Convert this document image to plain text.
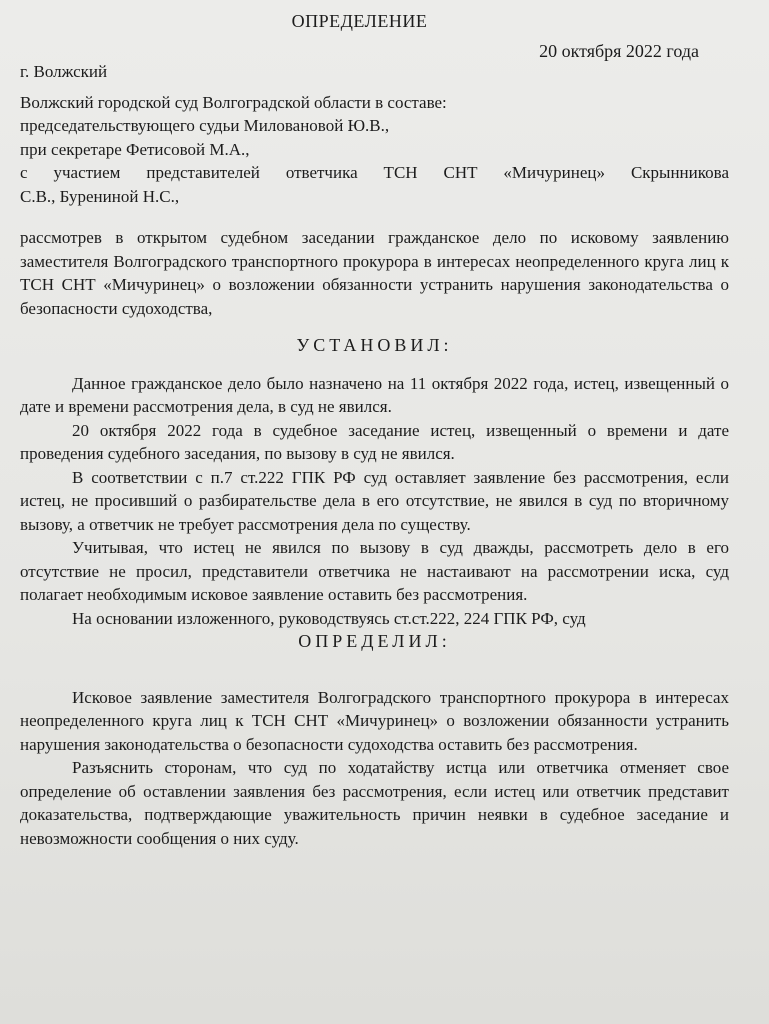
ОПРЕДЕЛЕНИЕ
20 октября 2022 года
г. Волжский

Волжский городской суд Волгоградской области в составе:

председательствующего судьи Миловановой Ю.В.,

при секретаре Фетисовой М.А.,

с участием представителей ответчика ТСН СНТ «Мичуринец» Скрынникова

С.В., Бурениной Н.С.,

рассмотрев в открытом судебном заседании гражданское дело по исковому заявлению заместителя Волгоградского транспортного прокурора в интересах неопределенного круга лиц к ТСН СНТ «Мичуринец» о возложении обязанности устранить нарушения законодательства о безопасности судоходства,

УСТАНОВИЛ:

Данное гражданское дело было назначено на 11 октября 2022 года, истец, извещенный о дате и времени рассмотрения дела, в суд не явился.

20 октября 2022 года в судебное заседание истец, извещенный о времени и дате проведения судебного заседания, по вызову в суд не явился.

В соответствии с п.7 ст.222 ГПК РФ суд оставляет заявление без рассмотрения, если истец, не просивший о разбирательстве дела в его отсутствие, не явился в суд по вторичному вызову, а ответчик не требует рассмотрения дела по существу.

Учитывая, что истец не явился по вызову в суд дважды, рассмотреть дело в его отсутствие не просил, представители ответчика не настаивают на рассмотрении иска, суд полагает необходимым исковое заявление оставить без рассмотрения.

На основании изложенного, руководствуясь ст.ст.222, 224 ГПК РФ, суд

ОПРЕДЕЛИЛ:

Исковое заявление заместителя Волгоградского транспортного прокурора в интересах неопределенного круга лиц к ТСН СНТ «Мичуринец» о возложении обязанности устранить нарушения законодательства о безопасности судоходства оставить без рассмотрения.

Разъяснить сторонам, что суд по ходатайству истца или ответчика отменяет свое определение об оставлении заявления без рассмотрения, если истец или ответчик представит доказательства, подтверждающие уважительность причин неявки в судебное заседание и невозможности сообщения о них суду.
